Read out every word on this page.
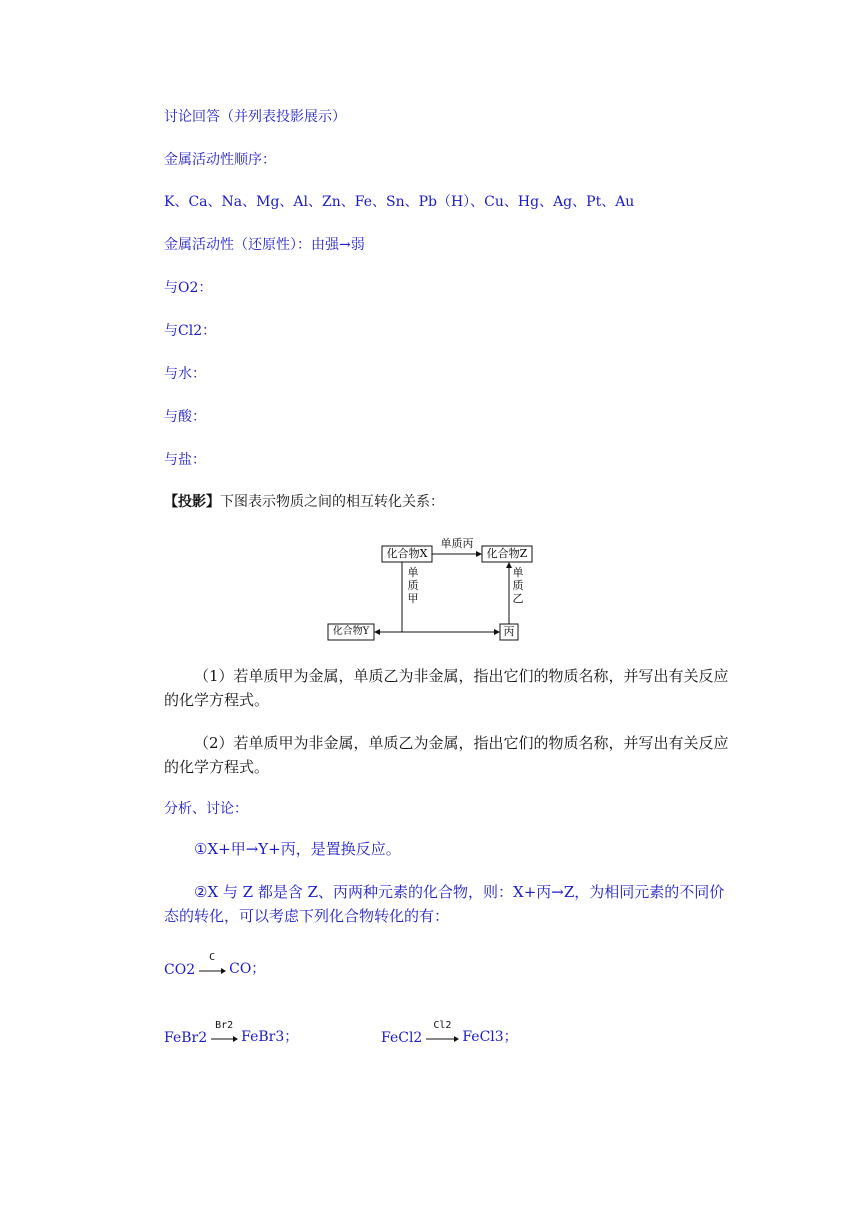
讨论回答（并列表投影展示）
金属活动性顺序：
K、Ca、Na、Mg、Al、Zn、Fe、Sn、Pb（H）、Cu、Hg、Ag、Pt、Au
金属活动性（还原性）：由强→弱
与O2：
与Cl2：
与水：
与酸：
与盐：
【投影】下图表示物质之间的相互转化关系：
化合物X	化合物Z
化合物Y	丙
单质丙
单
质
甲
单
质
乙
（1）若单质甲为金属，单质乙为非金属，指出它们的物质名称，并写出有关反应的化学方程式。
（2）若单质甲为非金属，单质乙为金属，指出它们的物质名称，并写出有关反应的化学方程式。
分析、讨论：
①X+甲→Y+丙，是置换反应。
②X 与 Z 都是含 Z、丙两种元素的化合物，则：X+丙→Z，为相同元素的不同价态的转化，可以考虑下列化合物转化的有：
CO2
C
CO；
FeBr2
Br2
FeBr3；	FeCl2
Cl2
FeCl3；
